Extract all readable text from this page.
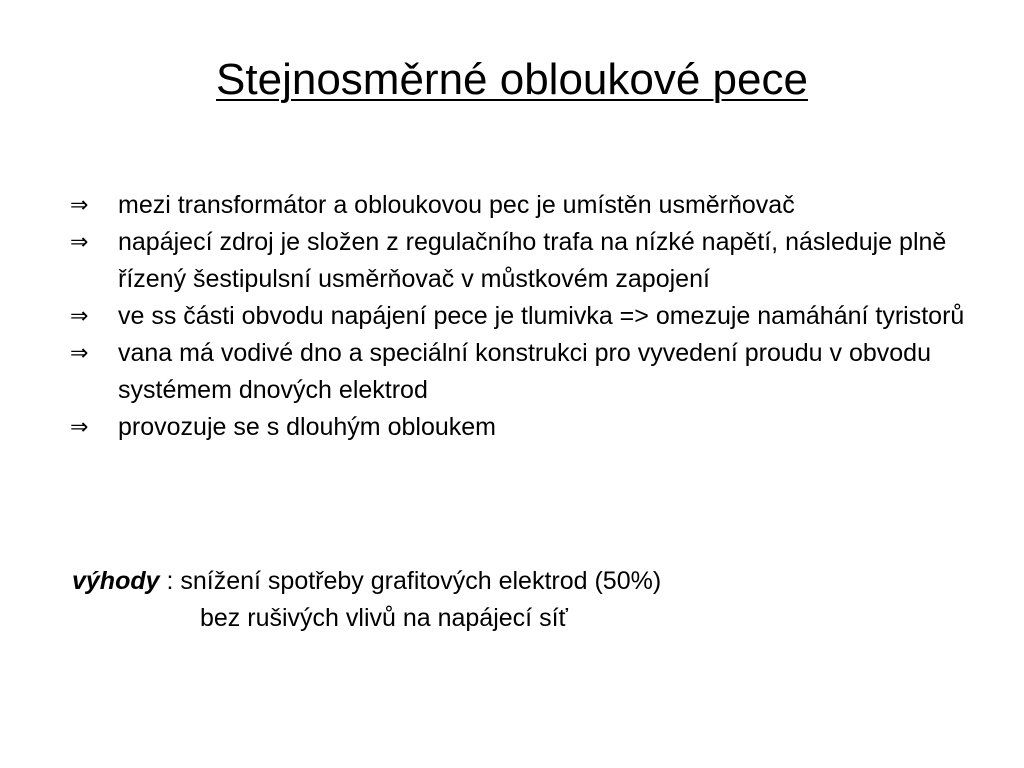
Stejnosměrné obloukové pece
⇒	mezi transformátor a obloukovou pec je umístěn usměrňovač
⇒	napájecí zdroj je složen z regulačního trafa na nízké napětí, následuje plně řízený šestipulsní usměrňovač v můstkovém zapojení
⇒	ve ss části obvodu napájení pece je tlumivka => omezuje namáhání tyristorů
⇒	vana má vodivé dno a speciální konstrukci pro vyvedení proudu v obvodu systémem dnových elektrod
⇒	provozuje se s dlouhým obloukem
výhody : snížení spotřeby grafitových elektrod (50%)
bez rušivých vlivů na napájecí síť
